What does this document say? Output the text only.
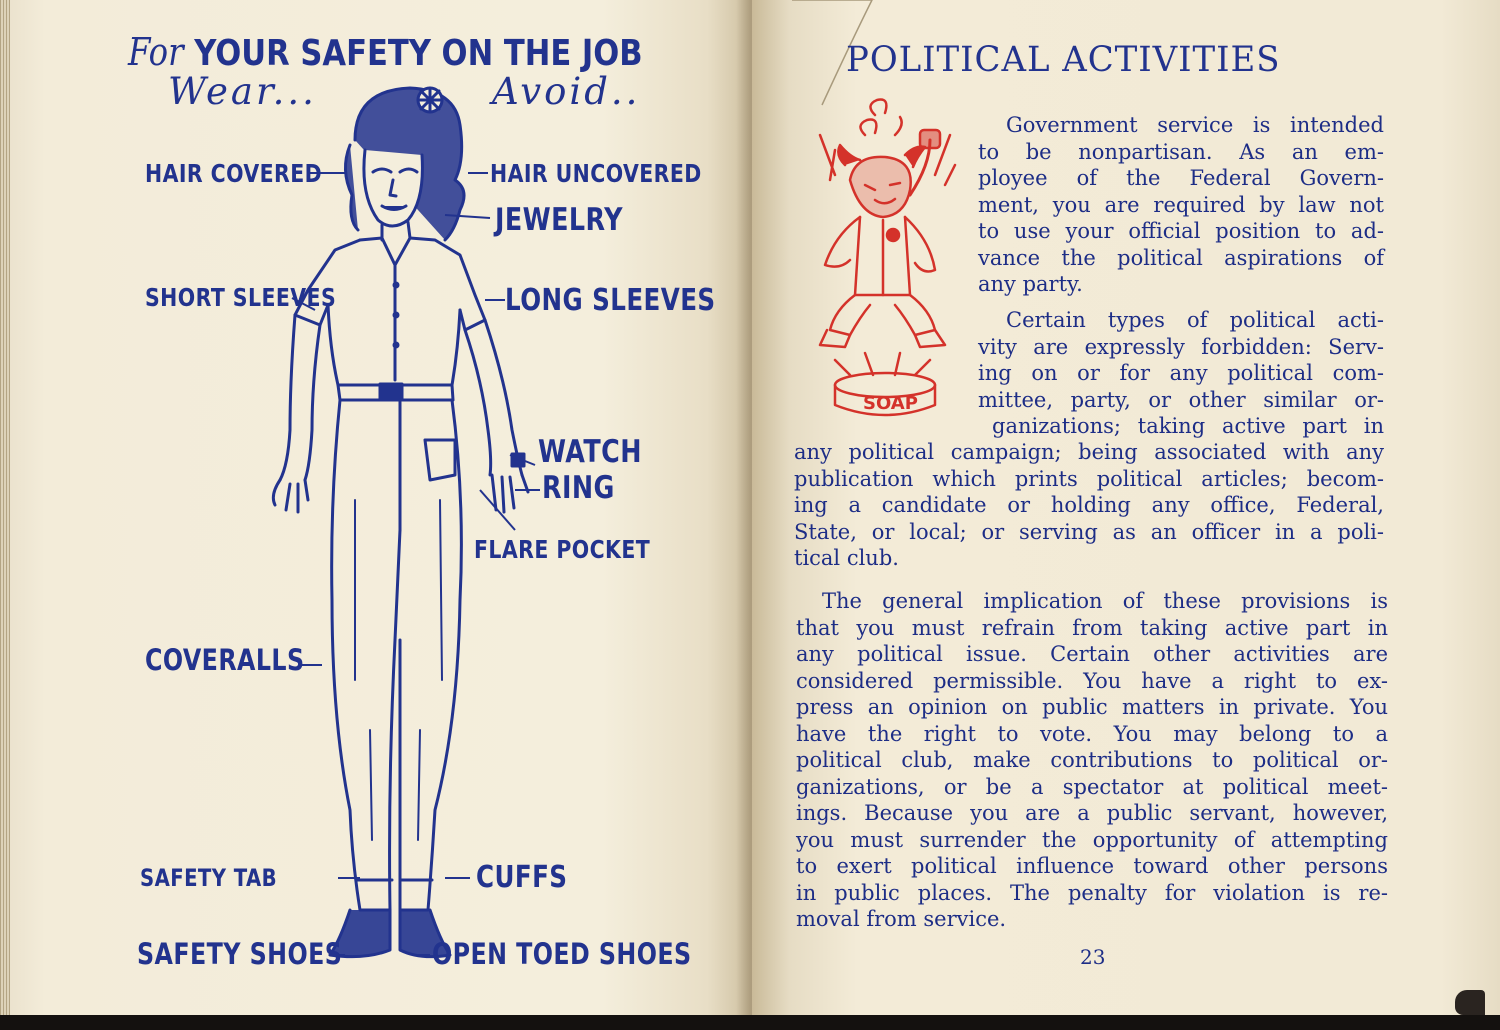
For YOUR SAFETY ON THE JOB
Wear...	Avoid..
HAIR COVERED	HAIR UNCOVERED
JEWELRY
SHORT SLEEVES	LONG SLEEVES
WATCH
RING
FLARE POCKET
COVERALLS
SAFETY TAB	CUFFS
SAFETY SHOES	OPEN TOED SHOES
POLITICAL ACTIVITIES
SOAP
Government service is intended
to be nonpartisan. As an em-
ployee of the Federal Govern-
ment, you are required by law not
to use your official position to ad-
vance the political aspirations of
any party.
Certain types of political acti-
vity are expressly forbidden: Serv-
ing on or for any political com-
mittee, party, or other similar or-
ganizations; taking active part in
any political campaign; being associated with any
publication which prints political articles; becom-
ing a candidate or holding any office, Federal,
State, or local; or serving as an officer in a poli-
tical club.
The general implication of these provisions is
that you must refrain from taking active part in
any political issue. Certain other activities are
considered permissible. You have a right to ex-
press an opinion on public matters in private. You
have the right to vote. You may belong to a
political club, make contributions to political or-
ganizations, or be a spectator at political meet-
ings. Because you are a public servant, however,
you must surrender the opportunity of attempting
to exert political influence toward other persons
in public places. The penalty for violation is re-
moval from service.
23
